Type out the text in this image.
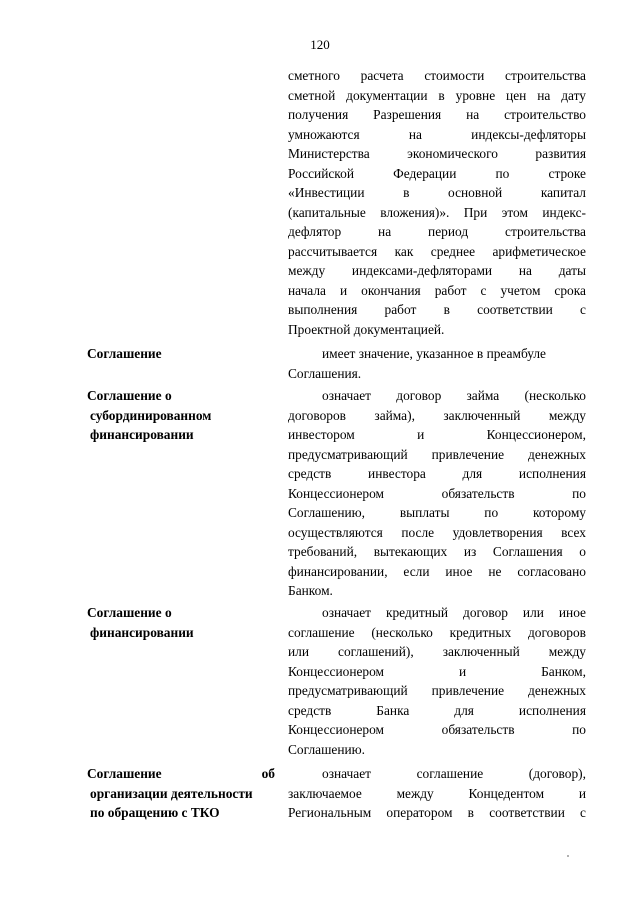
120
сметного расчета стоимости строительства
сметной документации в уровне цен на дату
получения Разрешения на строительство
умножаются на индексы-дефляторы
Министерства экономического развития
Российской Федерации по строке
«Инвестиции в основной капитал
(капитальные вложения)». При этом индекс-
дефлятор на период строительства
рассчитывается как среднее арифметическое
между индексами-дефляторами на даты
начала и окончания работ с учетом срока
выполнения работ в соответствии с
Проектной документацией.
Соглашение	имеет значение, указанное в преамбуле
Соглашения.
Соглашение о
субординированном
финансировании
означает договор займа (несколько
договоров займа), заключенный между
инвестором и Концессионером,
предусматривающий привлечение денежных
средств инвестора для исполнения
Концессионером обязательств по
Соглашению, выплаты по которому
осуществляются после удовлетворения всех
требований, вытекающих из Соглашения о
финансировании, если иное не согласовано
Банком.
Соглашение о
финансировании
означает кредитный договор или иное
соглашение (несколько кредитных договоров
или соглашений), заключенный между
Концессионером и Банком,
предусматривающий привлечение денежных
средств Банка для исполнения
Концессионером обязательств по
Соглашению.
Соглашение об
организации деятельности
по обращению с ТКО
означает соглашение (договор),
заключаемое между Концедентом и
Региональным оператором в соответствии с
